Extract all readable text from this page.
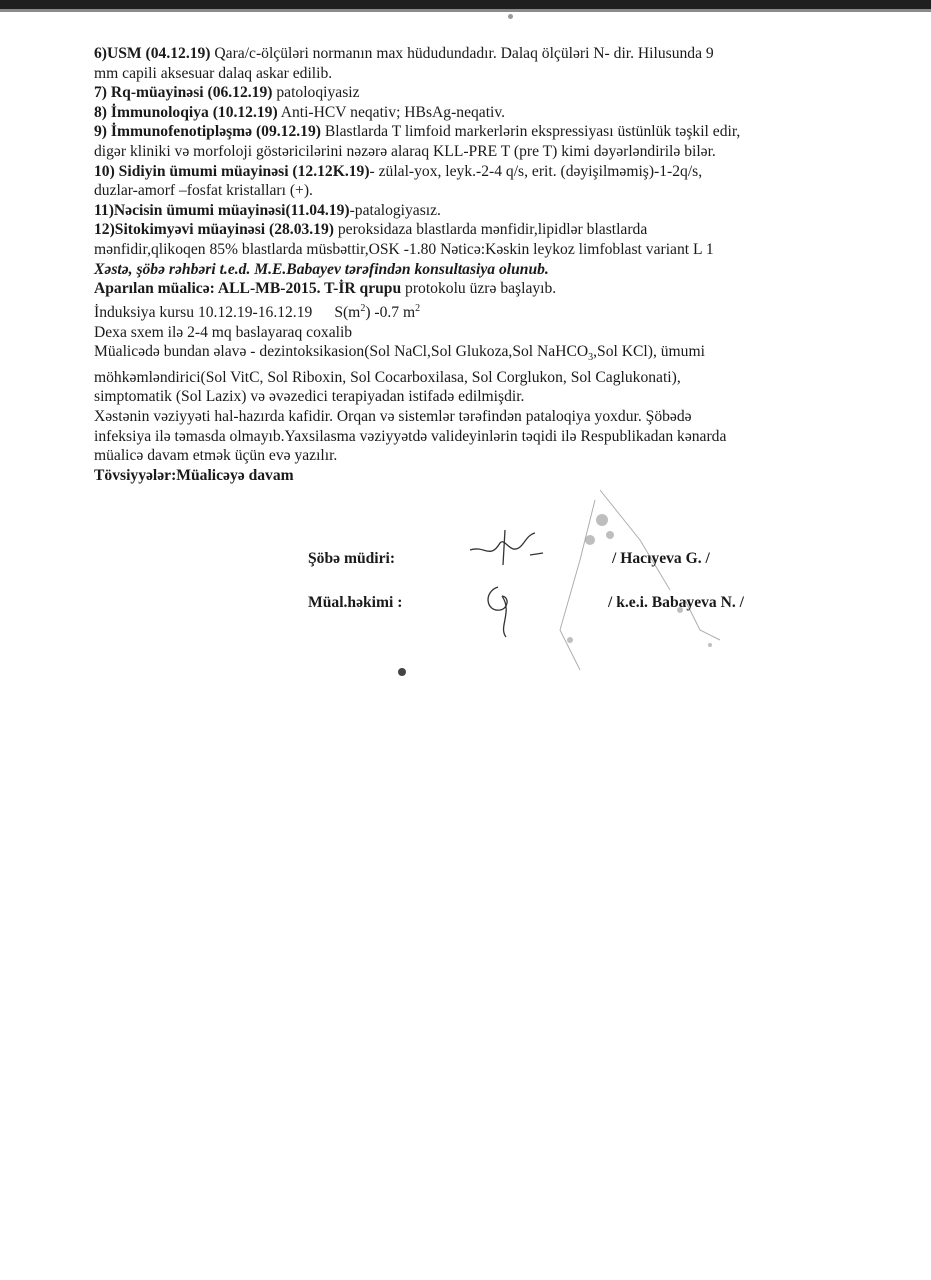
6)USM (04.12.19) Qara/c-ölçüləri normanın max hüdudundadır. Dalaq ölçüləri N- dir. Hilusunda 9
mm capili aksesuar dalaq askar edilib.
7) Rq-müayinəsi (06.12.19) patoloqiyasiz
8) İmmunoloqiya (10.12.19) Anti-HCV neqativ; HBsAg-neqativ.
9) İmmunofenotipləşmə (09.12.19) Blastlarda T limfoid markerlərin ekspressiyası üstünlük təşkil edir,
digər kliniki və morfoloji göstəricilərini nəzərə alaraq KLL-PRE T (pre T) kimi dəyərləndirilə bilər.
10) Sidiyin ümumi müayinəsi (12.12K.19)- zülal-yox, leyk.-2-4 q/s, erit. (dəyişilməmiş)-1-2q/s,
duzlar-amorf –fosfat kristalları (+).
11)Nəcisin ümumi müayinəsi(11.04.19)-patalogiyasız.
12)Sitokimyəvi müayinəsi (28.03.19) peroksidaza blastlarda mənfidir,lipidlər blastlarda
mənfidir,qlikoqen 85% blastlarda müsbəttir,OSK -1.80 Nəticə:Kəskin leykoz limfoblast variant L 1
Xəstə, şöbə rəhbəri t.e.d. M.E.Babayev tərəfindən konsultasiya olunub.
Aparılan müalicə: ALL-MB-2015. T-İR qrupu protokolu üzrə başlayıb.
İnduksiya kursu 10.12.19-16.12.19 $S(m^2)$ -0.7 $m^2$
Dexa sxem ilə 2-4 mq baslayaraq coxalib
Müalicədə bundan əlavə - dezintoksikasion(Sol NaCl,Sol Glukoza,Sol NaHCO$_3$,Sol KCl), ümumi
möhkəmləndirici(Sol VitC, Sol Riboxin, Sol Cocarboxilasa, Sol Corglukon, Sol Caglukonati),
simptomatik (Sol Lazix) və əvəzedici terapiyadan istifadə edilmişdir.
Xəstənin vəziyyəti hal-hazırda kafidir. Orqan və sistemlər tərəfindən pataloqiya yoxdur. Şöbədə
infeksiya ilə təmasda olmayıb.Yaxsilasma vəziyyətdə valideyinlərin təqidi ilə Respublikadan kənarda
müalicə davam etmək üçün evə yazılır.
Tövsiyyələr:Müalicəyə davam
Şöbə müdiri:	/ Hacıyeva G. /
Müal.həkimi :	/ k.e.i. Babayeva N. /
